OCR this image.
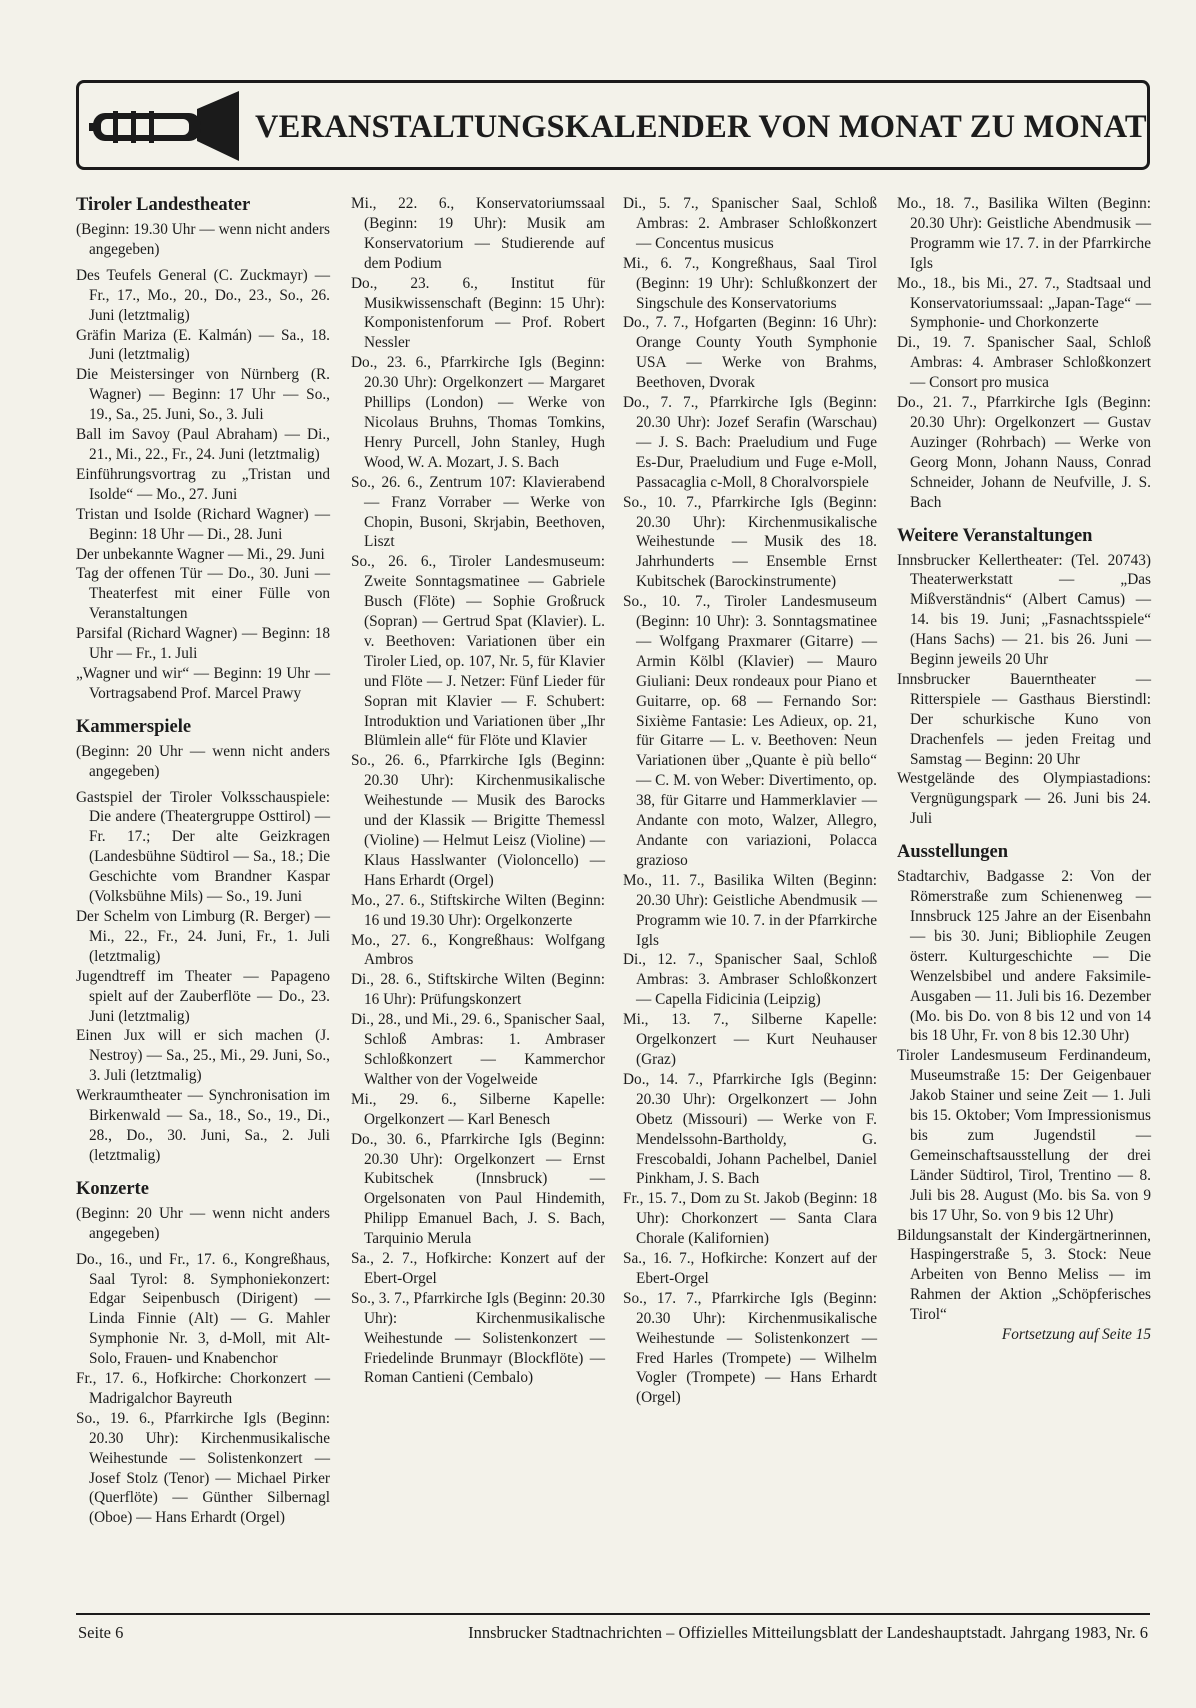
VERANSTALTUNGSKALENDER VON MONAT ZU MONAT
Tiroler Landestheater
(Beginn: 19.30 Uhr — wenn nicht anders angegeben)
Des Teufels General (C. Zuckmayr) — Fr., 17., Mo., 20., Do., 23., So., 26. Juni (letztmalig)
Gräfin Mariza (E. Kalmán) — Sa., 18. Juni (letztmalig)
Die Meistersinger von Nürnberg (R. Wagner) — Beginn: 17 Uhr — So., 19., Sa., 25. Juni, So., 3. Juli
Ball im Savoy (Paul Abraham) — Di., 21., Mi., 22., Fr., 24. Juni (letztmalig)
Einführungsvortrag zu „Tristan und Isolde“ — Mo., 27. Juni
Tristan und Isolde (Richard Wagner) — Beginn: 18 Uhr — Di., 28. Juni
Der unbekannte Wagner — Mi., 29. Juni
Tag der offenen Tür — Do., 30. Juni — Theaterfest mit einer Fülle von Veranstaltungen
Parsifal (Richard Wagner) — Beginn: 18 Uhr — Fr., 1. Juli
„Wagner und wir“ — Beginn: 19 Uhr — Vortragsabend Prof. Marcel Prawy
Kammerspiele
(Beginn: 20 Uhr — wenn nicht anders angegeben)
Gastspiel der Tiroler Volksschauspiele: Die andere (Theatergruppe Osttirol) — Fr. 17.; Der alte Geizkragen (Landesbühne Südtirol — Sa., 18.; Die Geschichte vom Brandner Kaspar (Volksbühne Mils) — So., 19. Juni
Der Schelm von Limburg (R. Berger) — Mi., 22., Fr., 24. Juni, Fr., 1. Juli (letztmalig)
Jugendtreff im Theater — Papageno spielt auf der Zauberflöte — Do., 23. Juni (letztmalig)
Einen Jux will er sich machen (J. Nestroy) — Sa., 25., Mi., 29. Juni, So., 3. Juli (letztmalig)
Werkraumtheater — Synchronisation im Birkenwald — Sa., 18., So., 19., Di., 28., Do., 30. Juni, Sa., 2. Juli (letztmalig)
Konzerte
(Beginn: 20 Uhr — wenn nicht anders angegeben)
Do., 16., und Fr., 17. 6., Kongreßhaus, Saal Tyrol: 8. Symphoniekonzert: Edgar Seipenbusch (Dirigent) — Linda Finnie (Alt) — G. Mahler Symphonie Nr. 3, d-Moll, mit Alt-Solo, Frauen- und Knabenchor
Fr., 17. 6., Hofkirche: Chorkonzert — Madrigalchor Bayreuth
So., 19. 6., Pfarrkirche Igls (Beginn: 20.30 Uhr): Kirchenmusikalische Weihestunde — Solistenkonzert — Josef Stolz (Tenor) — Michael Pirker (Querflöte) — Günther Silbernagl (Oboe) — Hans Erhardt (Orgel)
Mi., 22. 6., Konservatoriumssaal (Beginn: 19 Uhr): Musik am Konservatorium — Studierende auf dem Podium
Do., 23. 6., Institut für Musikwissenschaft (Beginn: 15 Uhr): Komponistenforum — Prof. Robert Nessler
Do., 23. 6., Pfarrkirche Igls (Beginn: 20.30 Uhr): Orgelkonzert — Margaret Phillips (London) — Werke von Nicolaus Bruhns, Thomas Tomkins, Henry Purcell, John Stanley, Hugh Wood, W. A. Mozart, J. S. Bach
So., 26. 6., Zentrum 107: Klavierabend — Franz Vorraber — Werke von Chopin, Busoni, Skrjabin, Beethoven, Liszt
So., 26. 6., Tiroler Landesmuseum: Zweite Sonntagsmatinee — Gabriele Busch (Flöte) — Sophie Großruck (Sopran) — Gertrud Spat (Klavier). L. v. Beethoven: Variationen über ein Tiroler Lied, op. 107, Nr. 5, für Klavier und Flöte — J. Netzer: Fünf Lieder für Sopran mit Klavier — F. Schubert: Introduktion und Variationen über „Ihr Blümlein alle“ für Flöte und Klavier
So., 26. 6., Pfarrkirche Igls (Beginn: 20.30 Uhr): Kirchenmusikalische Weihestunde — Musik des Barocks und der Klassik — Brigitte Themessl (Violine) — Helmut Leisz (Violine) — Klaus Hasslwanter (Violoncello) — Hans Erhardt (Orgel)
Mo., 27. 6., Stiftskirche Wilten (Beginn: 16 und 19.30 Uhr): Orgelkonzerte
Mo., 27. 6., Kongreßhaus: Wolfgang Ambros
Di., 28. 6., Stiftskirche Wilten (Beginn: 16 Uhr): Prüfungskonzert
Di., 28., und Mi., 29. 6., Spanischer Saal, Schloß Ambras: 1. Ambraser Schloßkonzert — Kammerchor Walther von der Vogelweide
Mi., 29. 6., Silberne Kapelle: Orgelkonzert — Karl Benesch
Do., 30. 6., Pfarrkirche Igls (Beginn: 20.30 Uhr): Orgelkonzert — Ernst Kubitschek (Innsbruck) — Orgelsonaten von Paul Hindemith, Philipp Emanuel Bach, J. S. Bach, Tarquinio Merula
Sa., 2. 7., Hofkirche: Konzert auf der Ebert-Orgel
So., 3. 7., Pfarrkirche Igls (Beginn: 20.30 Uhr): Kirchenmusikalische Weihestunde — Solistenkonzert — Friedelinde Brunmayr (Blockflöte) — Roman Cantieni (Cembalo)
Di., 5. 7., Spanischer Saal, Schloß Ambras: 2. Ambraser Schloßkonzert — Concentus musicus
Mi., 6. 7., Kongreßhaus, Saal Tirol (Beginn: 19 Uhr): Schlußkonzert der Singschule des Konservatoriums
Do., 7. 7., Hofgarten (Beginn: 16 Uhr): Orange County Youth Symphonie USA — Werke von Brahms, Beethoven, Dvorak
Do., 7. 7., Pfarrkirche Igls (Beginn: 20.30 Uhr): Jozef Serafin (Warschau) — J. S. Bach: Praeludium und Fuge Es-Dur, Praeludium und Fuge e-Moll, Passacaglia c-Moll, 8 Choralvorspiele
So., 10. 7., Pfarrkirche Igls (Beginn: 20.30 Uhr): Kirchenmusikalische Weihestunde — Musik des 18. Jahrhunderts — Ensemble Ernst Kubitschek (Barockinstrumente)
So., 10. 7., Tiroler Landesmuseum (Beginn: 10 Uhr): 3. Sonntagsmatinee — Wolfgang Praxmarer (Gitarre) — Armin Kölbl (Klavier) — Mauro Giuliani: Deux rondeaux pour Piano et Guitarre, op. 68 — Fernando Sor: Sixième Fantasie: Les Adieux, op. 21, für Gitarre — L. v. Beethoven: Neun Variationen über „Quante è più bello“ — C. M. von Weber: Divertimento, op. 38, für Gitarre und Hammerklavier — Andante con moto, Walzer, Allegro, Andante con variazioni, Polacca grazioso
Mo., 11. 7., Basilika Wilten (Beginn: 20.30 Uhr): Geistliche Abendmusik — Programm wie 10. 7. in der Pfarrkirche Igls
Di., 12. 7., Spanischer Saal, Schloß Ambras: 3. Ambraser Schloßkonzert — Capella Fidicinia (Leipzig)
Mi., 13. 7., Silberne Kapelle: Orgelkonzert — Kurt Neuhauser (Graz)
Do., 14. 7., Pfarrkirche Igls (Beginn: 20.30 Uhr): Orgelkonzert — John Obetz (Missouri) — Werke von F. Mendelssohn-Bartholdy, G. Frescobaldi, Johann Pachelbel, Daniel Pinkham, J. S. Bach
Fr., 15. 7., Dom zu St. Jakob (Beginn: 18 Uhr): Chorkonzert — Santa Clara Chorale (Kalifornien)
Sa., 16. 7., Hofkirche: Konzert auf der Ebert-Orgel
So., 17. 7., Pfarrkirche Igls (Beginn: 20.30 Uhr): Kirchenmusikalische Weihestunde — Solistenkonzert — Fred Harles (Trompete) — Wilhelm Vogler (Trompete) — Hans Erhardt (Orgel)
Mo., 18. 7., Basilika Wilten (Beginn: 20.30 Uhr): Geistliche Abendmusik — Programm wie 17. 7. in der Pfarrkirche Igls
Mo., 18., bis Mi., 27. 7., Stadtsaal und Konservatoriumssaal: „Japan-Tage“ — Symphonie- und Chorkonzerte
Di., 19. 7. Spanischer Saal, Schloß Ambras: 4. Ambraser Schloßkonzert — Consort pro musica
Do., 21. 7., Pfarrkirche Igls (Beginn: 20.30 Uhr): Orgelkonzert — Gustav Auzinger (Rohrbach) — Werke von Georg Monn, Johann Nauss, Conrad Schneider, Johann de Neufville, J. S. Bach
Weitere Veranstaltungen
Innsbrucker Kellertheater: (Tel. 20743) Theaterwerkstatt — „Das Mißverständnis“ (Albert Camus) — 14. bis 19. Juni; „Fasnachtsspiele“ (Hans Sachs) — 21. bis 26. Juni — Beginn jeweils 20 Uhr
Innsbrucker Bauerntheater — Ritterspiele — Gasthaus Bierstindl: Der schurkische Kuno von Drachenfels — jeden Freitag und Samstag — Beginn: 20 Uhr
Westgelände des Olympiastadions: Vergnügungspark — 26. Juni bis 24. Juli
Ausstellungen
Stadtarchiv, Badgasse 2: Von der Römerstraße zum Schienenweg — Innsbruck 125 Jahre an der Eisenbahn — bis 30. Juni; Bibliophile Zeugen österr. Kulturgeschichte — Die Wenzelsbibel und andere Faksimile-Ausgaben — 11. Juli bis 16. Dezember (Mo. bis Do. von 8 bis 12 und von 14 bis 18 Uhr, Fr. von 8 bis 12.30 Uhr)
Tiroler Landesmuseum Ferdinandeum, Museumstraße 15: Der Geigenbauer Jakob Stainer und seine Zeit — 1. Juli bis 15. Oktober; Vom Impressionismus bis zum Jugendstil — Gemeinschaftsausstellung der drei Länder Südtirol, Tirol, Trentino — 8. Juli bis 28. August (Mo. bis Sa. von 9 bis 17 Uhr, So. von 9 bis 12 Uhr)
Bildungsanstalt der Kindergärtnerinnen, Haspingerstraße 5, 3. Stock: Neue Arbeiten von Benno Meliss — im Rahmen der Aktion „Schöpferisches Tirol“
Fortsetzung auf Seite 15
Seite 6	Innsbrucker Stadtnachrichten – Offizielles Mitteilungsblatt der Landeshauptstadt. Jahrgang 1983, Nr. 6
